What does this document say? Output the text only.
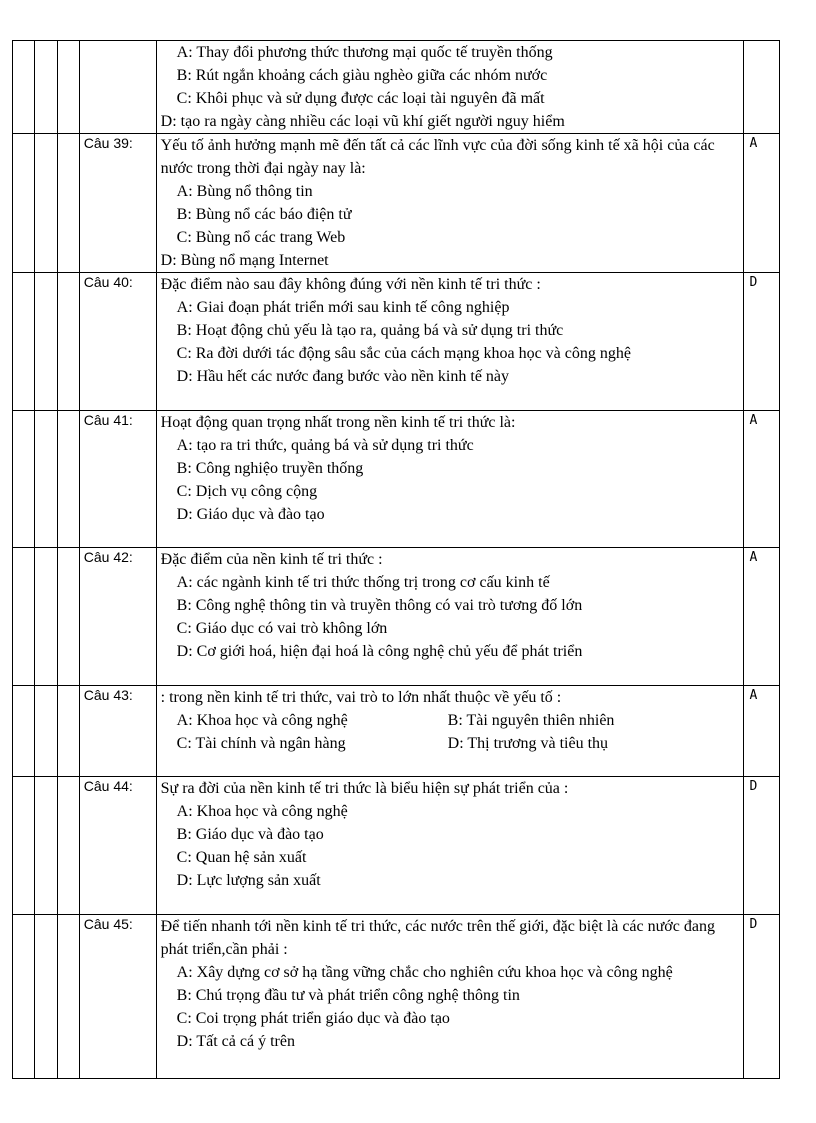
				A: Thay đổi phương thức thương mại quốc tế truyền thống
B: Rút ngắn khoảng cách giàu nghèo giữa các nhóm nước
C: Khôi phục và sử dụng được các loại tài nguyên đã mất
D: tạo ra ngày càng nhiều các loại vũ khí giết người nguy hiểm	

			Câu 39:	Yếu tố ảnh hưởng mạnh mẽ đến tất cả các lĩnh vực của đời sống kinh tế xã hội của các nước trong thời đại ngày nay là:
A: Bùng nổ thông tin
B: Bùng nổ các báo điện tử
C: Bùng nổ các trang Web
D: Bùng nổ mạng Internet	A
			Câu 40:	Đặc điểm nào sau đây không đúng với nền kinh tế tri thức :
A: Giai đoạn phát triển mới sau kinh tế công nghiệp
B: Hoạt động chủ yếu là tạo ra, quảng bá và sử dụng tri thức
C: Ra đời dưới tác động sâu sắc của cách mạng khoa học và công nghệ
D: Hầu hết các nước đang bước vào nền kinh tế này	D
			Câu 41:	Hoạt động quan trọng nhất trong nền kinh tế tri thức là:
A: tạo ra tri thức, quảng bá và sử dụng tri thức
B: Công nghiệo truyền thống
C: Dịch vụ công cộng
D: Giáo dục và đào tạo	A
			Câu 42:	Đặc điểm của nền kinh tế tri thức :
A: các ngành kinh tế tri thức thống trị trong cơ cấu kinh tế
B: Công nghệ thông tin và truyền thông có vai trò tương đố lớn
C: Giáo dục có vai trò không lớn
D: Cơ giới hoá, hiện đại hoá là công nghệ chủ yếu để phát triển	A
			Câu 43:	: trong nền kinh tế tri thức, vai trò to lớn nhất thuộc về yếu tố :
A: Khoa học và công nghệ B: Tài nguyên thiên nhiên
C: Tài chính và ngân hàng D: Thị trương và tiêu thụ	A
			Câu 44:	Sự ra đời của nền kinh tế tri thức là biểu hiện sự phát triển của :
A: Khoa học và công nghệ
B: Giáo dục và đào tạo
C: Quan hệ sản xuất
D: Lực lượng sản xuất	D
			Câu 45:	Để tiến nhanh tới nền kinh tế tri thức, các nước trên thế giới, đặc biệt là các nước đang phát triển,cần phải :
A: Xây dựng cơ sở hạ tầng vững chắc cho nghiên cứu khoa học và công nghệ
B: Chú trọng đầu tư và phát triển công nghệ thông tin
C: Coi trọng phát triển giáo dục và đào tạo
D: Tất cả cá ý trên	D
